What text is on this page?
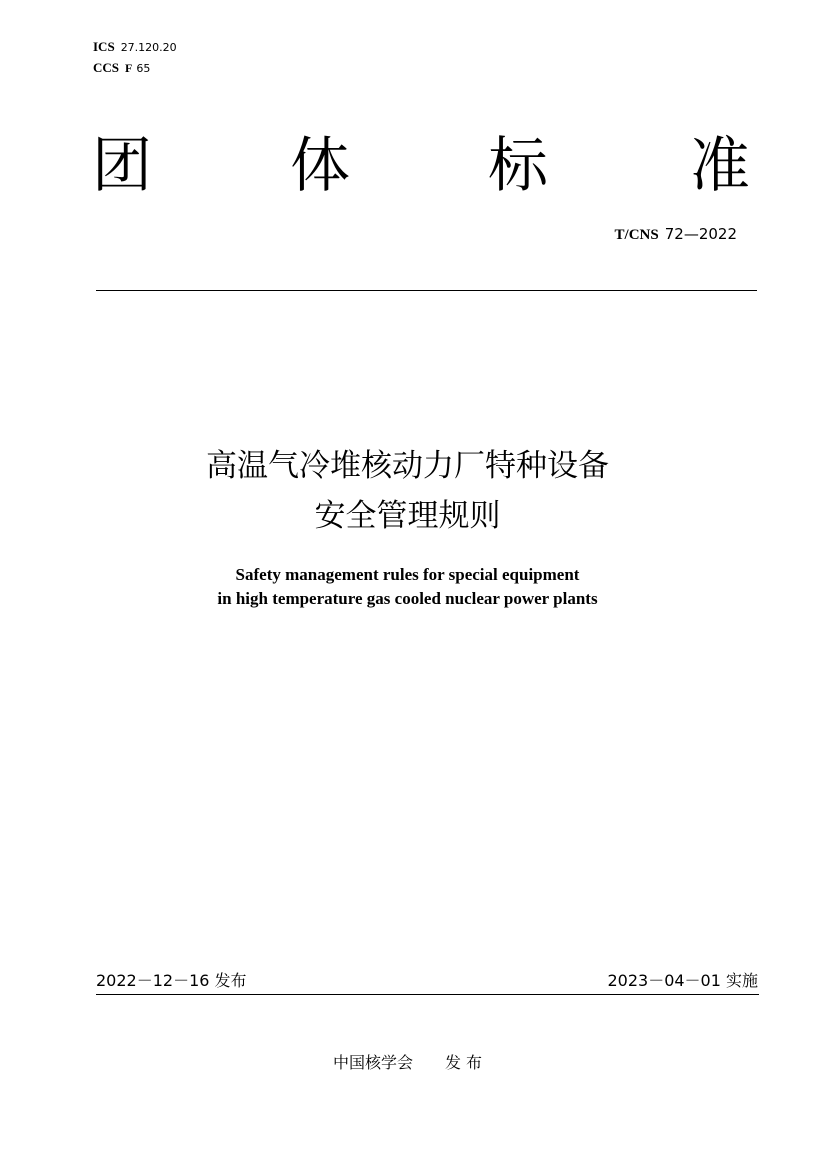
ICS 27.120.20
CCS F 65
团 体 标 准
T/CNS 72—2022
高温气冷堆核动力厂特种设备
安全管理规则
Safety management rules for special equipment
in high temperature gas cooled nuclear power plants
2022－12－16 发布	2023－04－01 实施
中国核学会　　发 布
